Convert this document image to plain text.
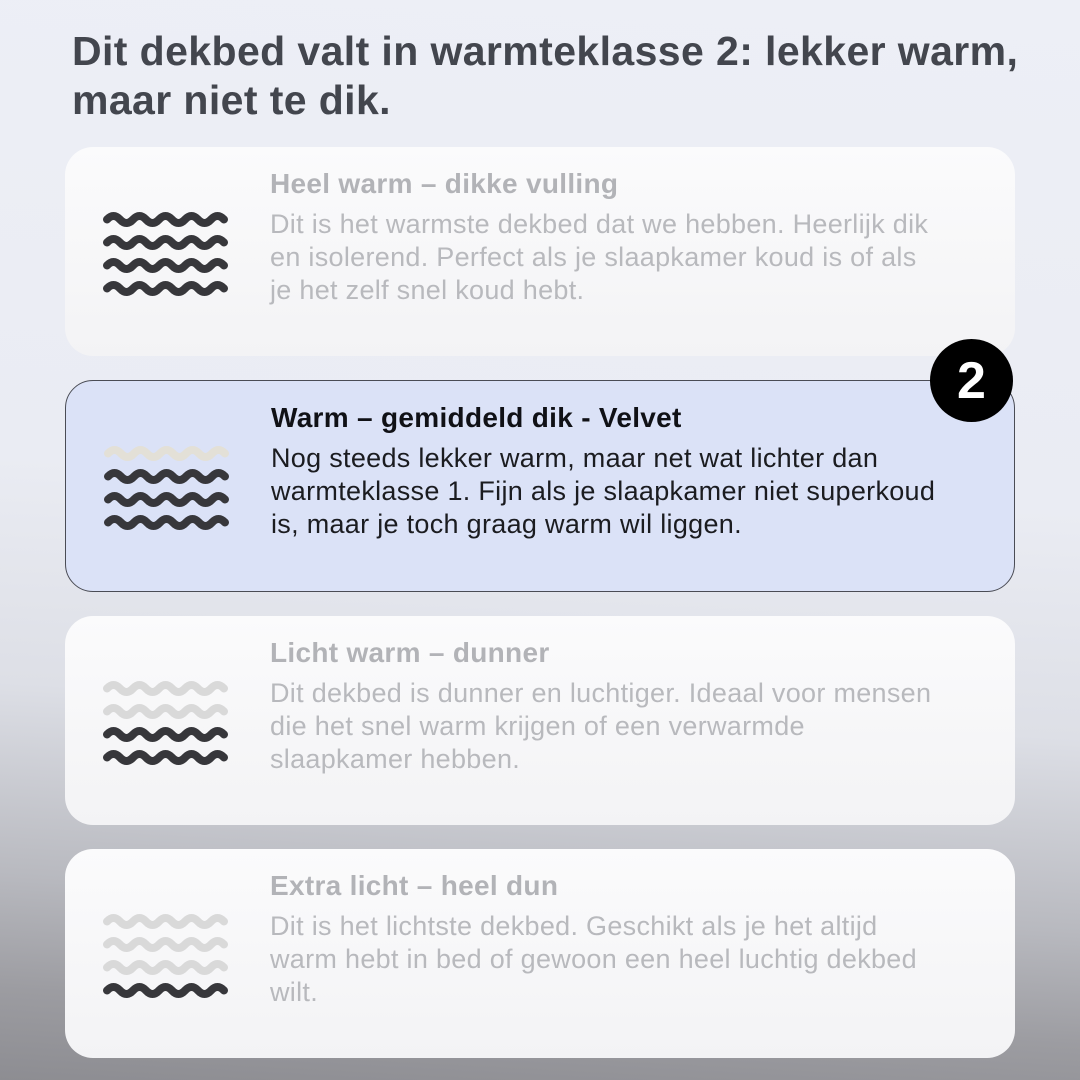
Dit dekbed valt in warmteklasse 2: lekker warm, maar niet te dik.
Heel warm – dikke vulling

Dit is het warmste dekbed dat we hebben. Heerlijk dik en isolerend. Perfect als je slaapkamer koud is of als je het zelf snel koud hebt.

Warm – gemiddeld dik - Velvet

Nog steeds lekker warm, maar net wat lichter dan warmteklasse 1. Fijn als je slaapkamer niet superkoud is, maar je toch graag warm wil liggen.

Licht warm – dunner

Dit dekbed is dunner en luchtiger. Ideaal voor mensen die het snel warm krijgen of een verwarmde slaapkamer hebben.

Extra licht – heel dun

Dit is het lichtste dekbed. Geschikt als je het altijd warm hebt in bed of gewoon een heel luchtig dekbed wilt.

2
